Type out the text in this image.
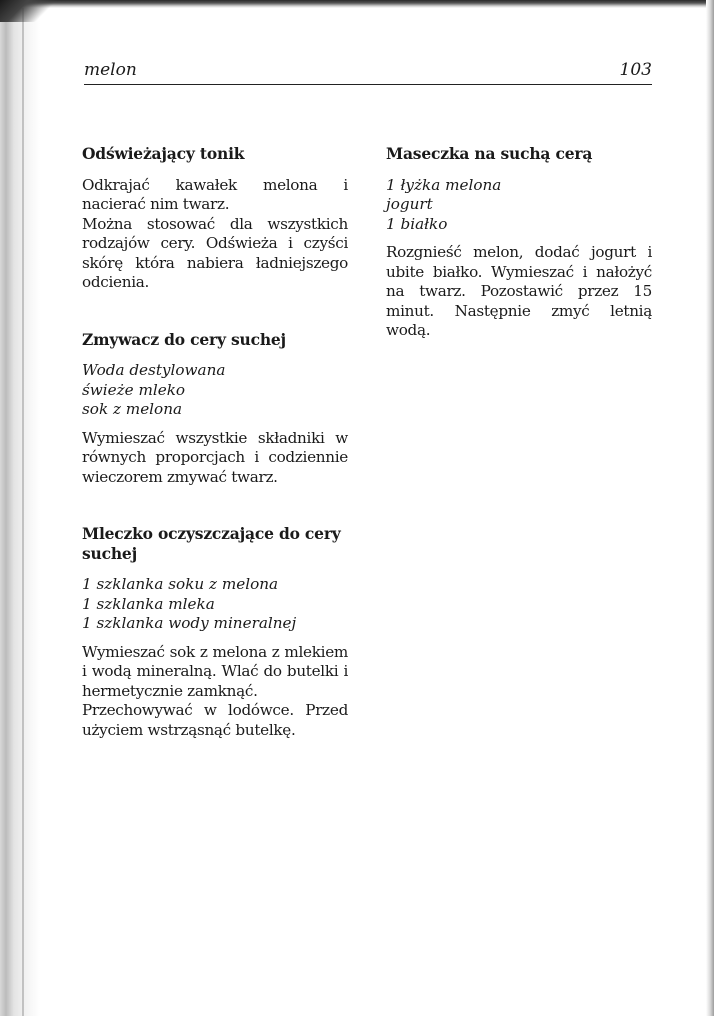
melon	103
Odświeżający tonik

Odkrajać kawałek melona i nacierać nim twarz.

Można stosować dla wszystkich rodzajów cery. Odświeża i czyści skórę która nabiera ładniejszego odcienia.

Zmywacz do cery suchej
Woda destylowana
świeże mleko
sok z melona

Wymieszać wszystkie składniki w równych proporcjach i codziennie wieczorem zmywać twarz.

Mleczko oczyszczające do cery suchej
1 szklanka soku z melona
1 szklanka mleka
1 szklanka wody mineralnej

Wymieszać sok z melona z mlekiem i wodą mineralną. Wlać do butelki i hermetycznie zamknąć.

Przechowywać w lodówce. Przed użyciem wstrząsnąć butelkę.

Maseczka na suchą cerą
1 łyżka melona
jogurt
1 białko

Rozgnieść melon, dodać jogurt i ubite białko. Wymieszać i nałożyć na twarz. Pozostawić przez 15 minut. Następnie zmyć letnią wodą.
